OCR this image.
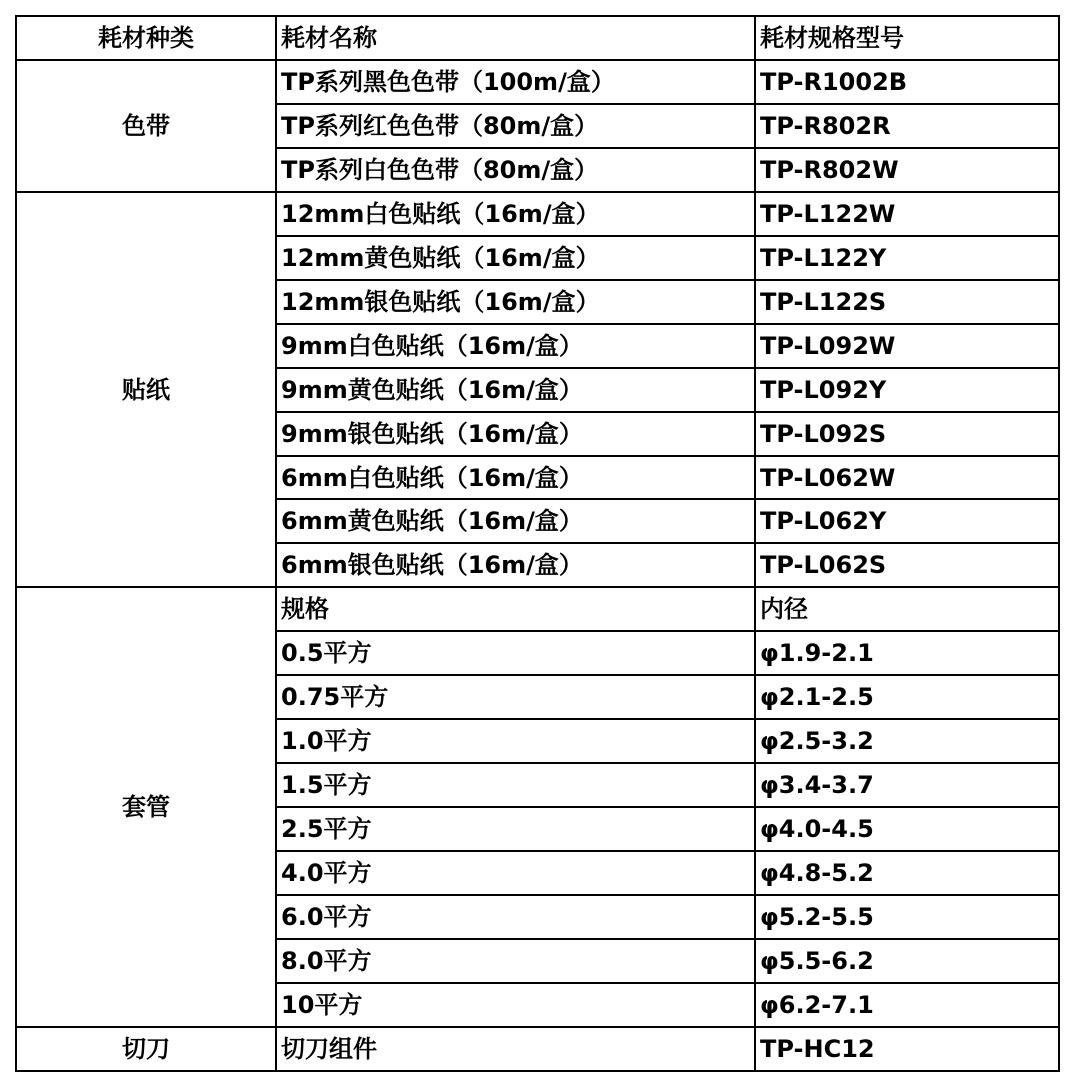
耗材种类	耗材名称	耗材规格型号
色带	TP系列黑色色带（100m/盒）	TP-R1002B
	TP系列红色色带（80m/盒）	TP-R802R
	TP系列白色色带（80m/盒）	TP-R802W
贴纸	12mm白色贴纸（16m/盒）	TP-L122W
	12mm黄色贴纸（16m/盒）	TP-L122Y
	12mm银色贴纸（16m/盒）	TP-L122S
	9mm白色贴纸（16m/盒）	TP-L092W
	9mm黄色贴纸（16m/盒）	TP-L092Y
	9mm银色贴纸（16m/盒）	TP-L092S
	6mm白色贴纸（16m/盒）	TP-L062W
	6mm黄色贴纸（16m/盒）	TP-L062Y
	6mm银色贴纸（16m/盒）	TP-L062S
套管	规格	内径
	0.5平方	φ1.9-2.1
	0.75平方	φ2.1-2.5
	1.0平方	φ2.5-3.2
	1.5平方	φ3.4-3.7
	2.5平方	φ4.0-4.5
	4.0平方	φ4.8-5.2
	6.0平方	φ5.2-5.5
	8.0平方	φ5.5-6.2
	10平方	φ6.2-7.1
切刀	切刀组件	TP-HC12
